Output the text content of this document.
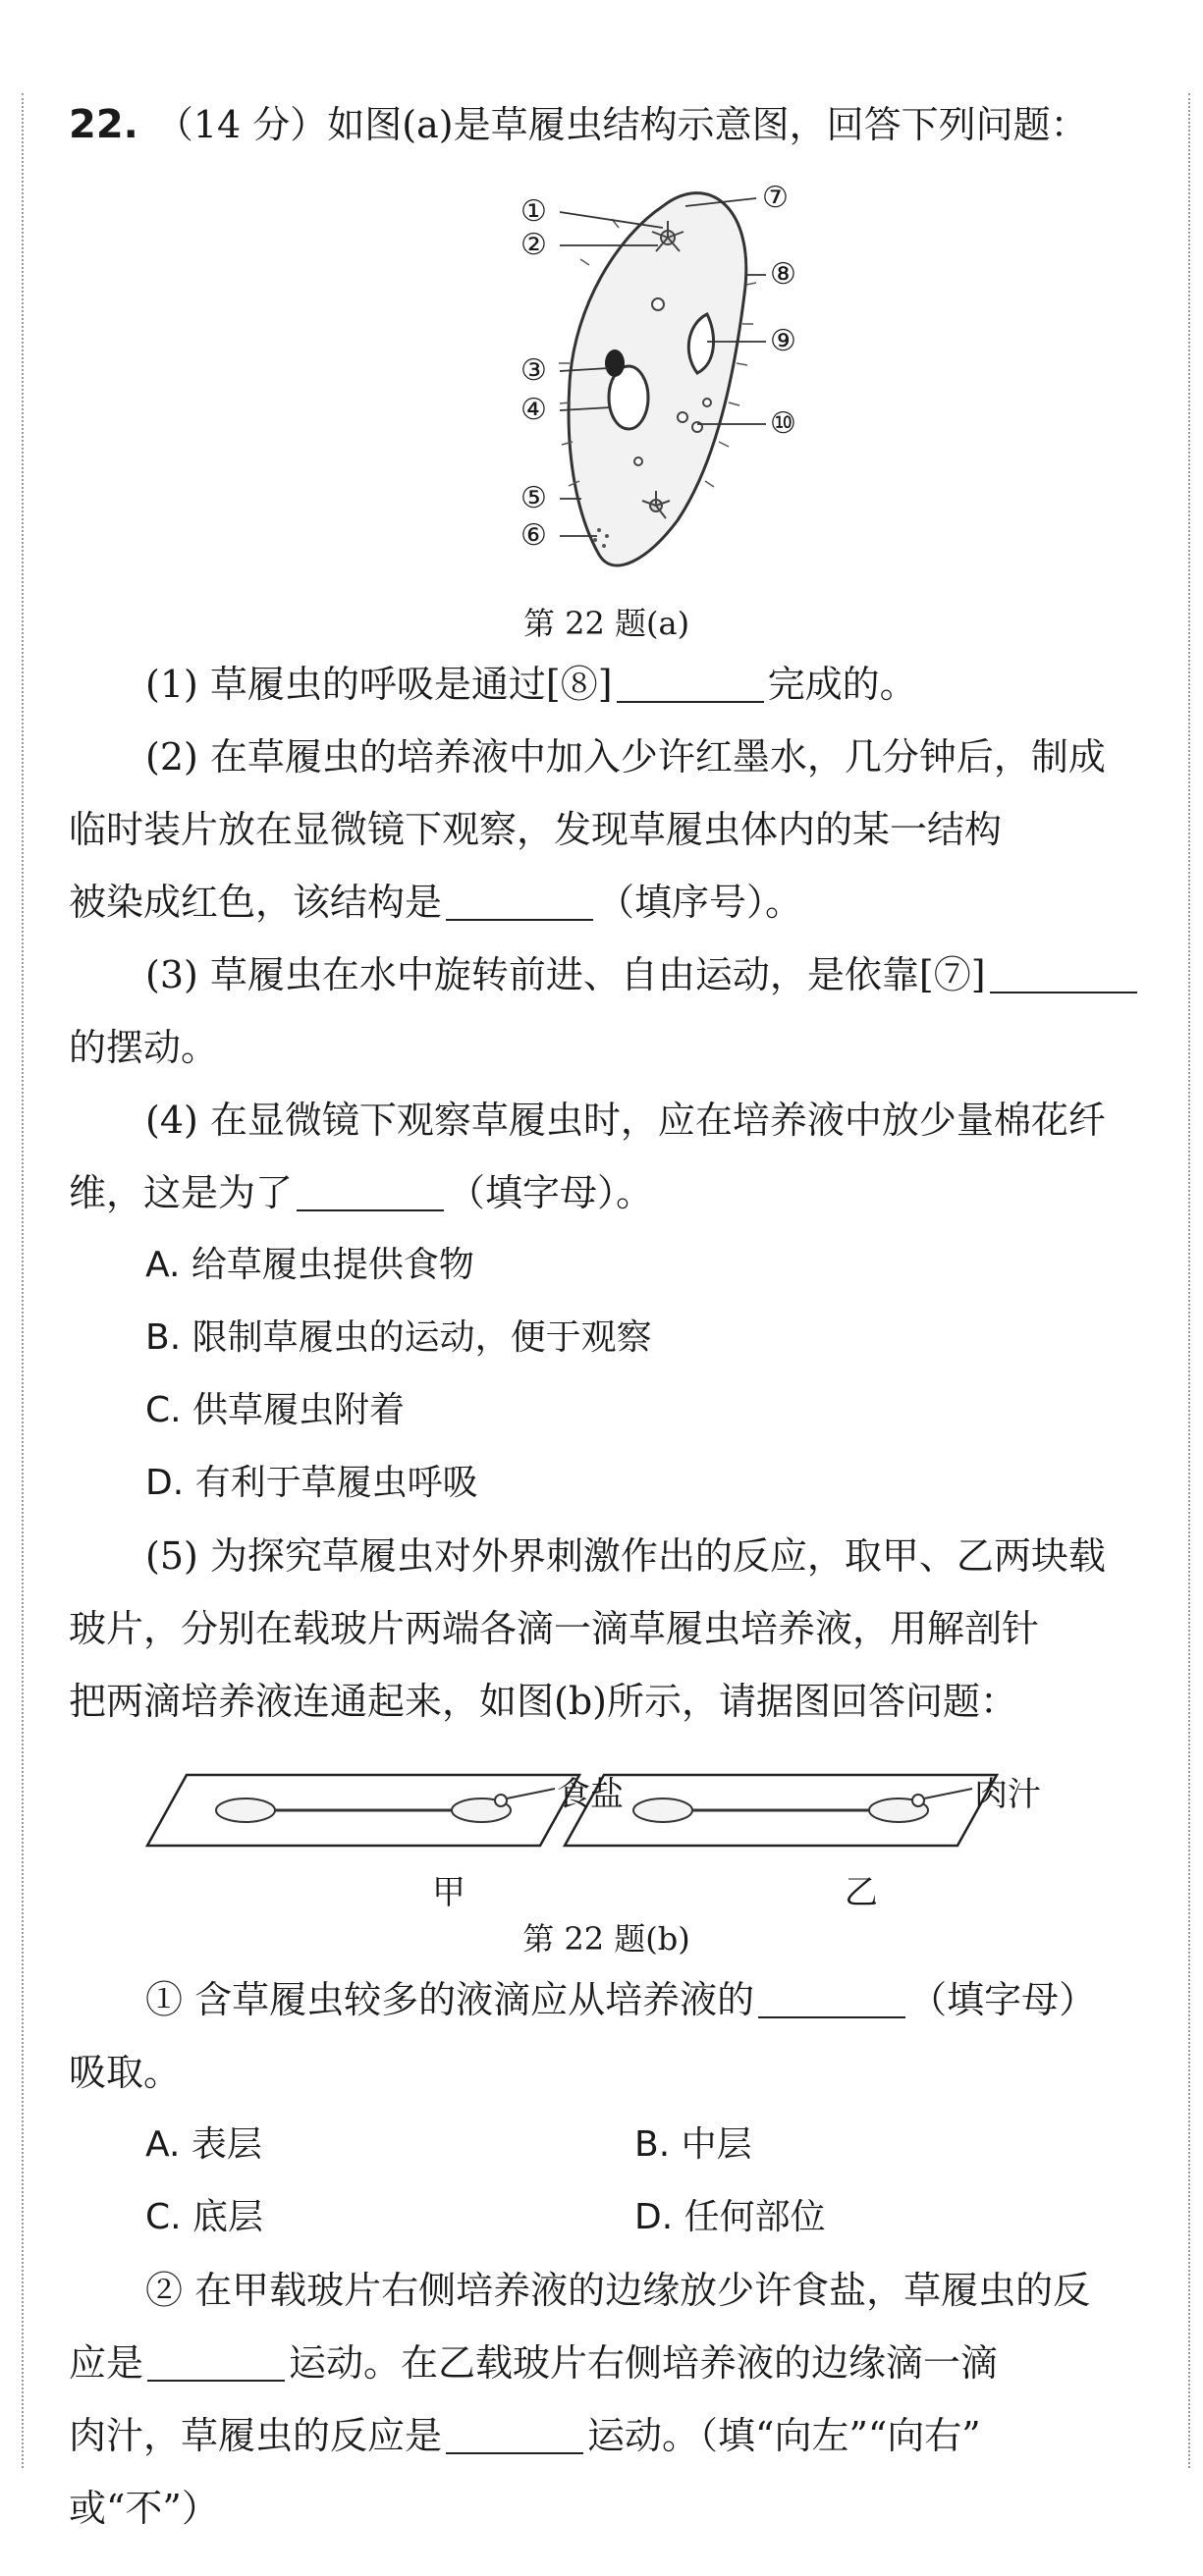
22. （14 分）如图(a)是草履虫结构示意图，回答下列问题：
①
②
③
④
⑤
⑥
⑦
⑧
⑨
⑩
第 22 题(a)
(1) 草履虫的呼吸是通过[⑧]	完成的。
(2) 在草履虫的培养液中加入少许红墨水，几分钟后，制成
临时装片放在显微镜下观察，发现草履虫体内的某一结构
被染成红色，该结构是	（填序号）。
(3) 草履虫在水中旋转前进、自由运动，是依靠[⑦]
的摆动。
(4) 在显微镜下观察草履虫时，应在培养液中放少量棉花纤
维，这是为了	（填字母）。
A. 给草履虫提供食物
B. 限制草履虫的运动，便于观察
C. 供草履虫附着
D. 有利于草履虫呼吸
(5) 为探究草履虫对外界刺激作出的反应，取甲、乙两块载
玻片，分别在载玻片两端各滴一滴草履虫培养液，用解剖针
把两滴培养液连通起来，如图(b)所示，请据图回答问题：
食盐	肉汁
甲	乙
第 22 题(b)
① 含草履虫较多的液滴应从培养液的	（填字母）
吸取。
A. 表层	B. 中层
C. 底层	D. 任何部位
② 在甲载玻片右侧培养液的边缘放少许食盐，草履虫的反
应是	运动。在乙载玻片右侧培养液的边缘滴一滴
肉汁，草履虫的反应是	运动。（填“向左”“向右”
或“不”）
